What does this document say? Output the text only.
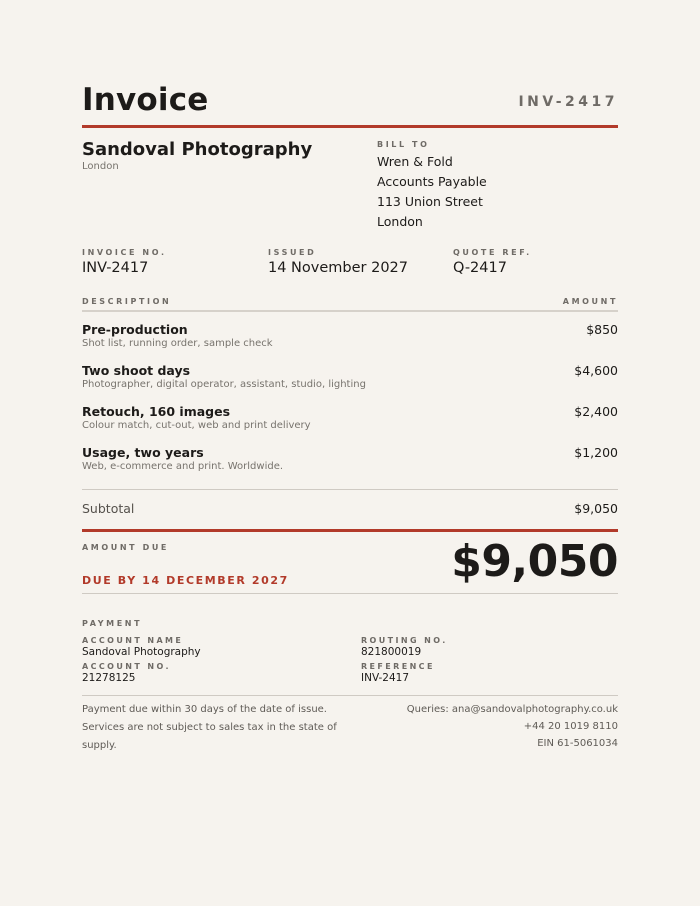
Invoice	INV-2417
Sandoval Photography
London
BILL TO
Wren & Fold
Accounts Payable
113 Union Street
London
INVOICE NO.
INV-2417
ISSUED
14 November 2027
QUOTE REF.
Q-2417
DESCRIPTION	AMOUNT
Pre-production
Shot list, running order, sample check
$850
Two shoot days
Photographer, digital operator, assistant, studio, lighting
$4,600
Retouch, 160 images
Colour match, cut-out, web and print delivery
$2,400
Usage, two years
Web, e-commerce and print. Worldwide.
$1,200
Subtotal	$9,050
AMOUNT DUE
DUE BY 14 DECEMBER 2027	$9,050
PAYMENT
ACCOUNT NAME
Sandoval Photography
ACCOUNT NO.
21278125
ROUTING NO.
821800019
REFERENCE
INV-2417
Payment due within 30 days of the date of issue. Services are not subject to sales tax in the state of supply.
Queries: ana@sandovalphotography.co.uk
+44 20 1019 8110
EIN 61-5061034
